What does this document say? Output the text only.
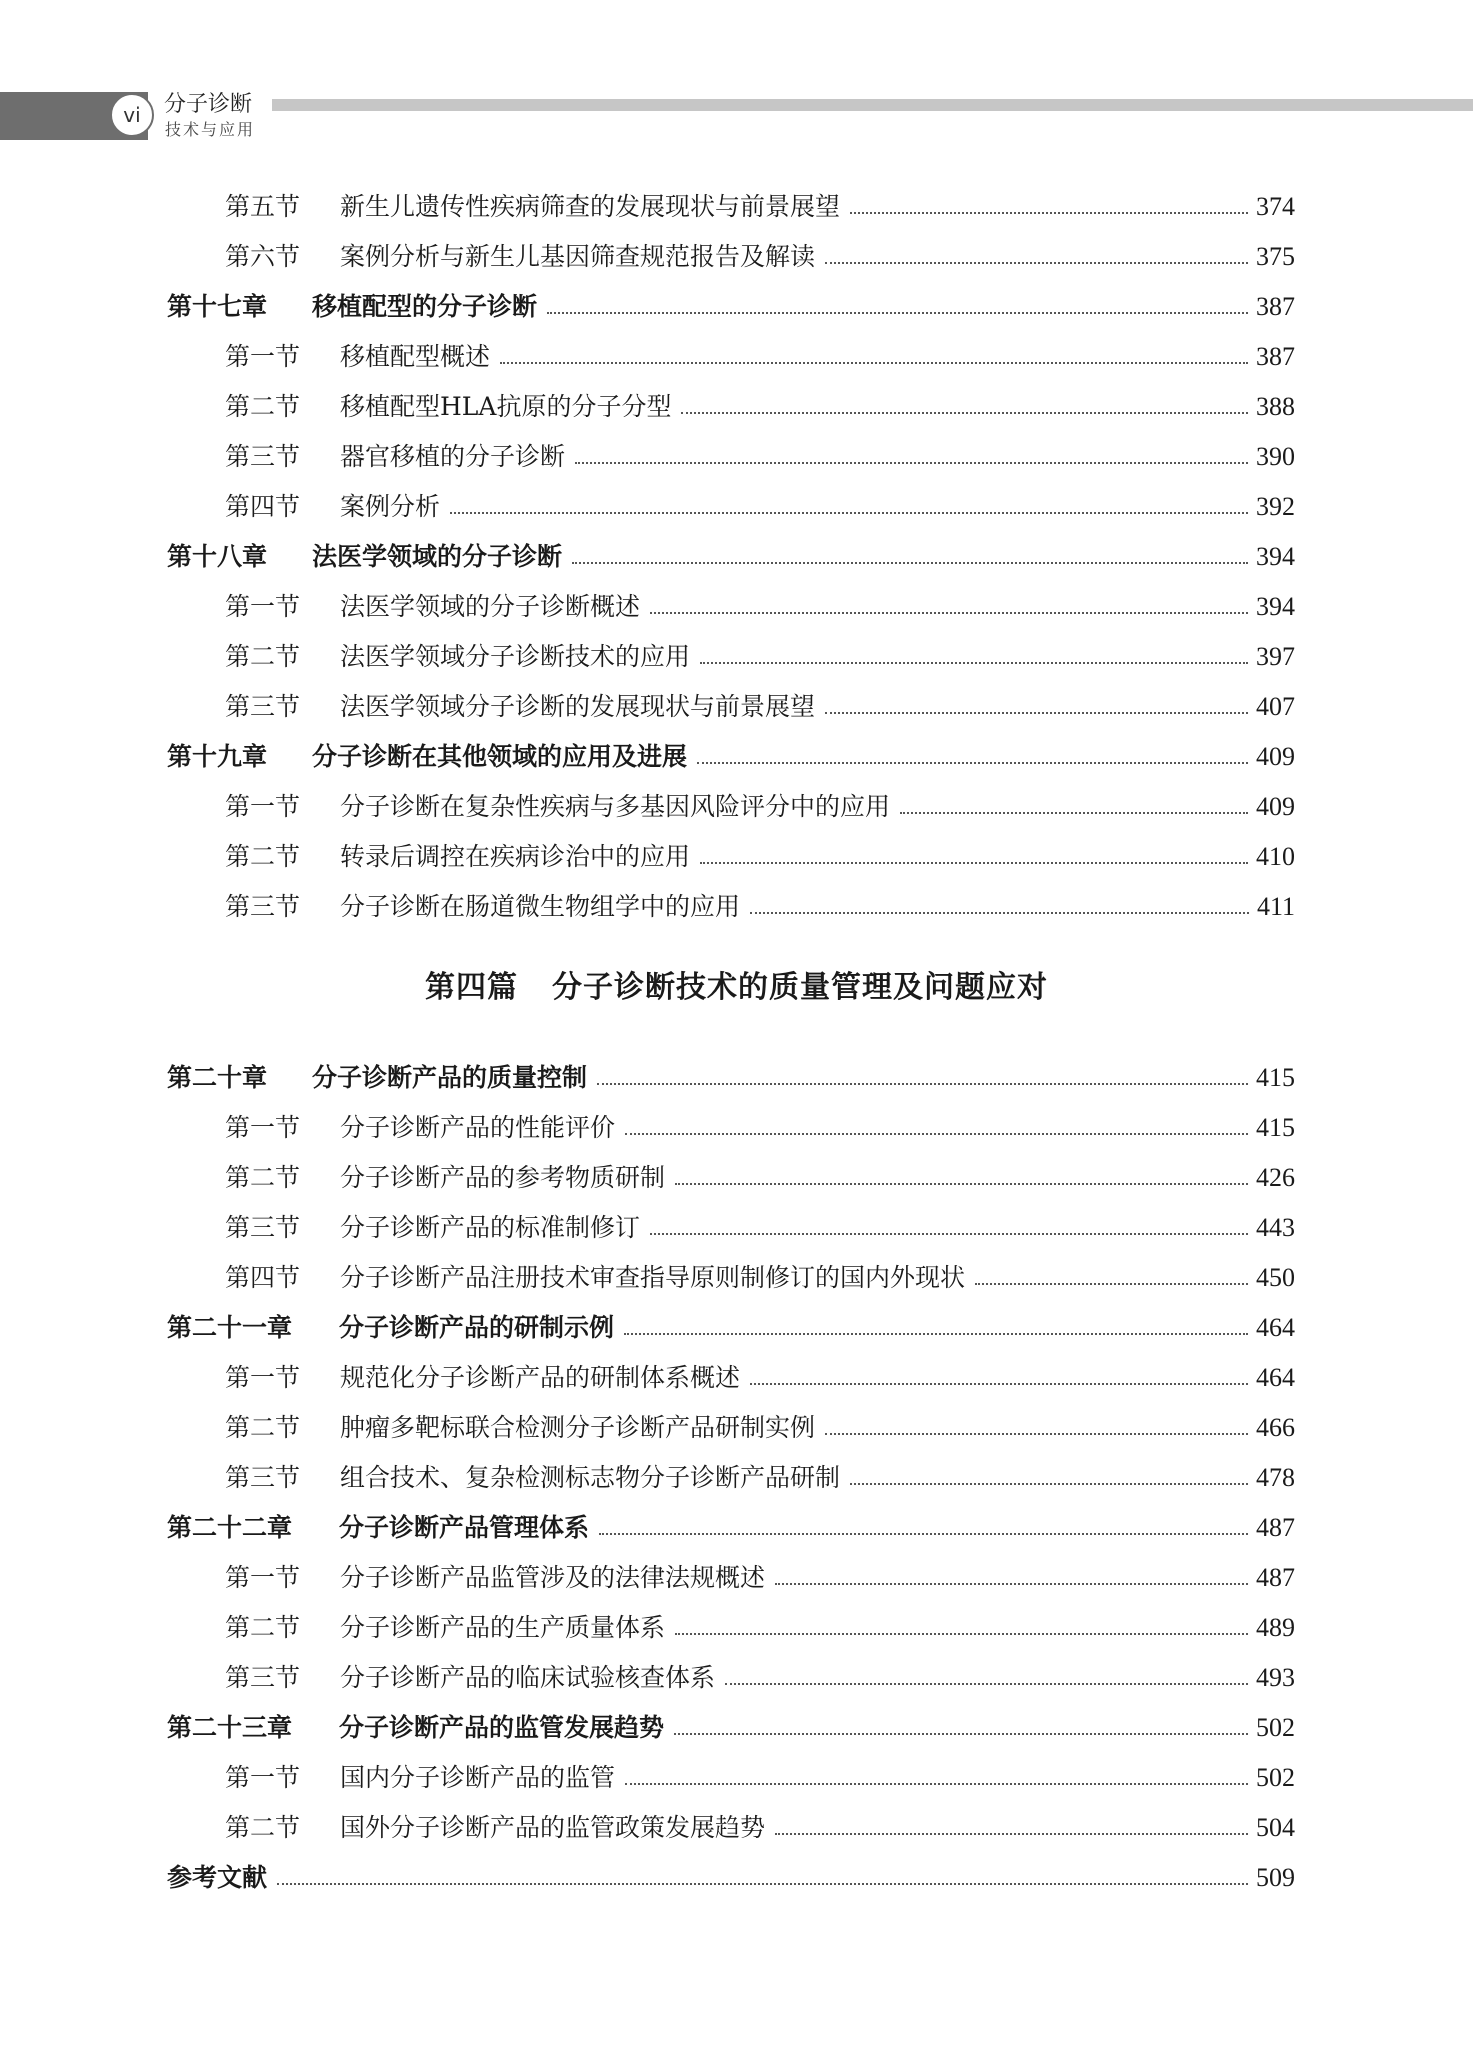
vi	分子诊断
技术与应用
第五节	新生儿遗传性疾病筛查的发展现状与前景展望	374
第六节	案例分析与新生儿基因筛查规范报告及解读	375
第十七章	移植配型的分子诊断	387
第一节	移植配型概述	387
第二节	移植配型HLA抗原的分子分型	388
第三节	器官移植的分子诊断	390
第四节	案例分析	392
第十八章	法医学领域的分子诊断	394
第一节	法医学领域的分子诊断概述	394
第二节	法医学领域分子诊断技术的应用	397
第三节	法医学领域分子诊断的发展现状与前景展望	407
第十九章	分子诊断在其他领域的应用及进展	409
第一节	分子诊断在复杂性疾病与多基因风险评分中的应用	409
第二节	转录后调控在疾病诊治中的应用	410
第三节	分子诊断在肠道微生物组学中的应用	411
第二十章	分子诊断产品的质量控制	415
第一节	分子诊断产品的性能评价	415
第二节	分子诊断产品的参考物质研制	426
第三节	分子诊断产品的标准制修订	443
第四节	分子诊断产品注册技术审查指导原则制修订的国内外现状	450
第二十一章	分子诊断产品的研制示例	464
第一节	规范化分子诊断产品的研制体系概述	464
第二节	肿瘤多靶标联合检测分子诊断产品研制实例	466
第三节	组合技术、复杂检测标志物分子诊断产品研制	478
第二十二章	分子诊断产品管理体系	487
第一节	分子诊断产品监管涉及的法律法规概述	487
第二节	分子诊断产品的生产质量体系	489
第三节	分子诊断产品的临床试验核查体系	493
第二十三章	分子诊断产品的监管发展趋势	502
第一节	国内分子诊断产品的监管	502
第二节	国外分子诊断产品的监管政策发展趋势	504
参考文献	509
第四篇 分子诊断技术的质量管理及问题应对
